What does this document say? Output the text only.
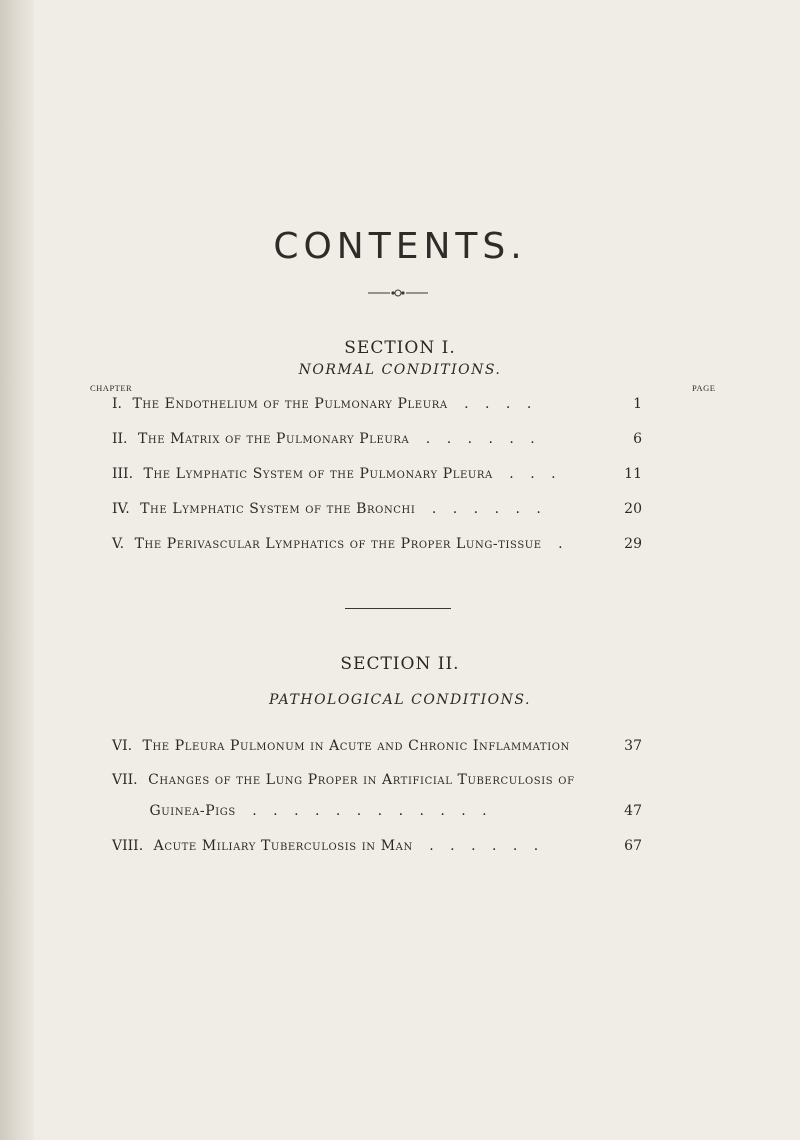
CONTENTS.
SECTION I.
NORMAL CONDITIONS.
CHAPTER	PAGE
I. The Endothelium of the Pulmonary Pleura . . . .	1
II. The Matrix of the Pulmonary Pleura . . . . . .	6
III. The Lymphatic System of the Pulmonary Pleura . . .	11
IV. The Lymphatic System of the Bronchi . . . . . .	20
V. The Perivascular Lymphatics of the Proper Lung-tissue .	29
SECTION II.
PATHOLOGICAL CONDITIONS.
VI. The Pleura Pulmonum in Acute and Chronic Inflammation	37
VII. Changes of the Lung Proper in Artificial Tuberculosis of
Guinea-Pigs . . . . . . . . . . . .	47
VIII. Acute Miliary Tuberculosis in Man . . . . . .	67
